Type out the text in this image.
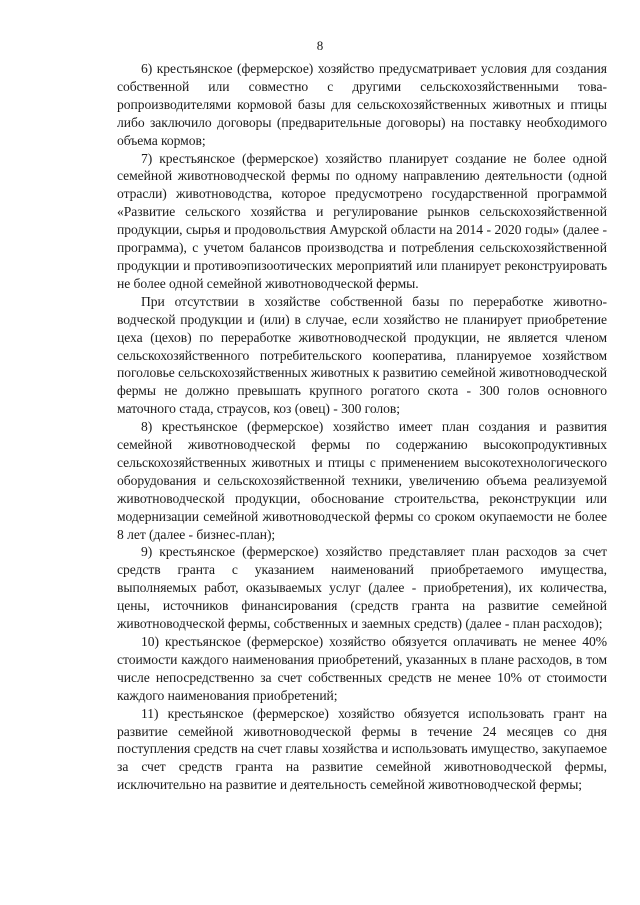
8

6) крестьянское (фермерское) хозяйство предусматривает условия для создания собственной или совместно с другими сельскохозяйственными товаропроизводителями кормовой базы для сельскохозяйственных животных и птицы либо заключило договоры (предварительные договоры) на поставку необходимого объема кормов;

7) крестьянское (фермерское) хозяйство планирует создание не более одной семейной животноводческой фермы по одному направлению деятельности (одной отрасли) животноводства, которое предусмотрено государственной программой «Развитие сельского хозяйства и регулирование рынков сельскохозяйственной продукции, сырья и продовольствия Амурской области на 2014 - 2020 годы» (далее - программа), с учетом балансов производства и потребления сельскохозяйственной продукции и противоэпизоотических мероприятий или планирует реконструировать не более одной семейной животноводческой фермы.

При отсутствии в хозяйстве собственной базы по переработке животноводческой продукции и (или) в случае, если хозяйство не планирует приобретение цеха (цехов) по переработке животноводческой продукции, не является членом сельскохозяйственного потребительского кооператива, планируемое хозяйством поголовье сельскохозяйственных животных к развитию семейной животноводческой фермы не должно превышать крупного рогатого скота - 300 голов основного маточного стада, страусов, коз (овец) - 300 голов;

8) крестьянское (фермерское) хозяйство имеет план создания и развития семейной животноводческой фермы по содержанию высокопродуктивных сельскохозяйственных животных и птицы с применением высокотехнологического оборудования и сельскохозяйственной техники, увеличению объема реализуемой животноводческой продукции, обоснование строительства, реконструкции или модернизации семейной животноводческой фермы со сроком окупаемости не более 8 лет (далее - бизнес-план);

9) крестьянское (фермерское) хозяйство представляет план расходов за счет средств гранта с указанием наименований приобретаемого имущества, выполняемых работ, оказываемых услуг (далее - приобретения), их количества, цены, источников финансирования (средств гранта на развитие семейной животноводческой фермы, собственных и заемных средств) (далее - план расходов);

10) крестьянское (фермерское) хозяйство обязуется оплачивать не менее 40% стоимости каждого наименования приобретений, указанных в плане расходов, в том числе непосредственно за счет собственных средств не менее 10% от стоимости каждого наименования приобретений;

11) крестьянское (фермерское) хозяйство обязуется использовать грант на развитие семейной животноводческой фермы в течение 24 месяцев со дня поступления средств на счет главы хозяйства и использовать имущество, закупаемое за счет средств гранта на развитие семейной животноводческой фермы, исключительно на развитие и деятельность семейной животноводческой фермы;
